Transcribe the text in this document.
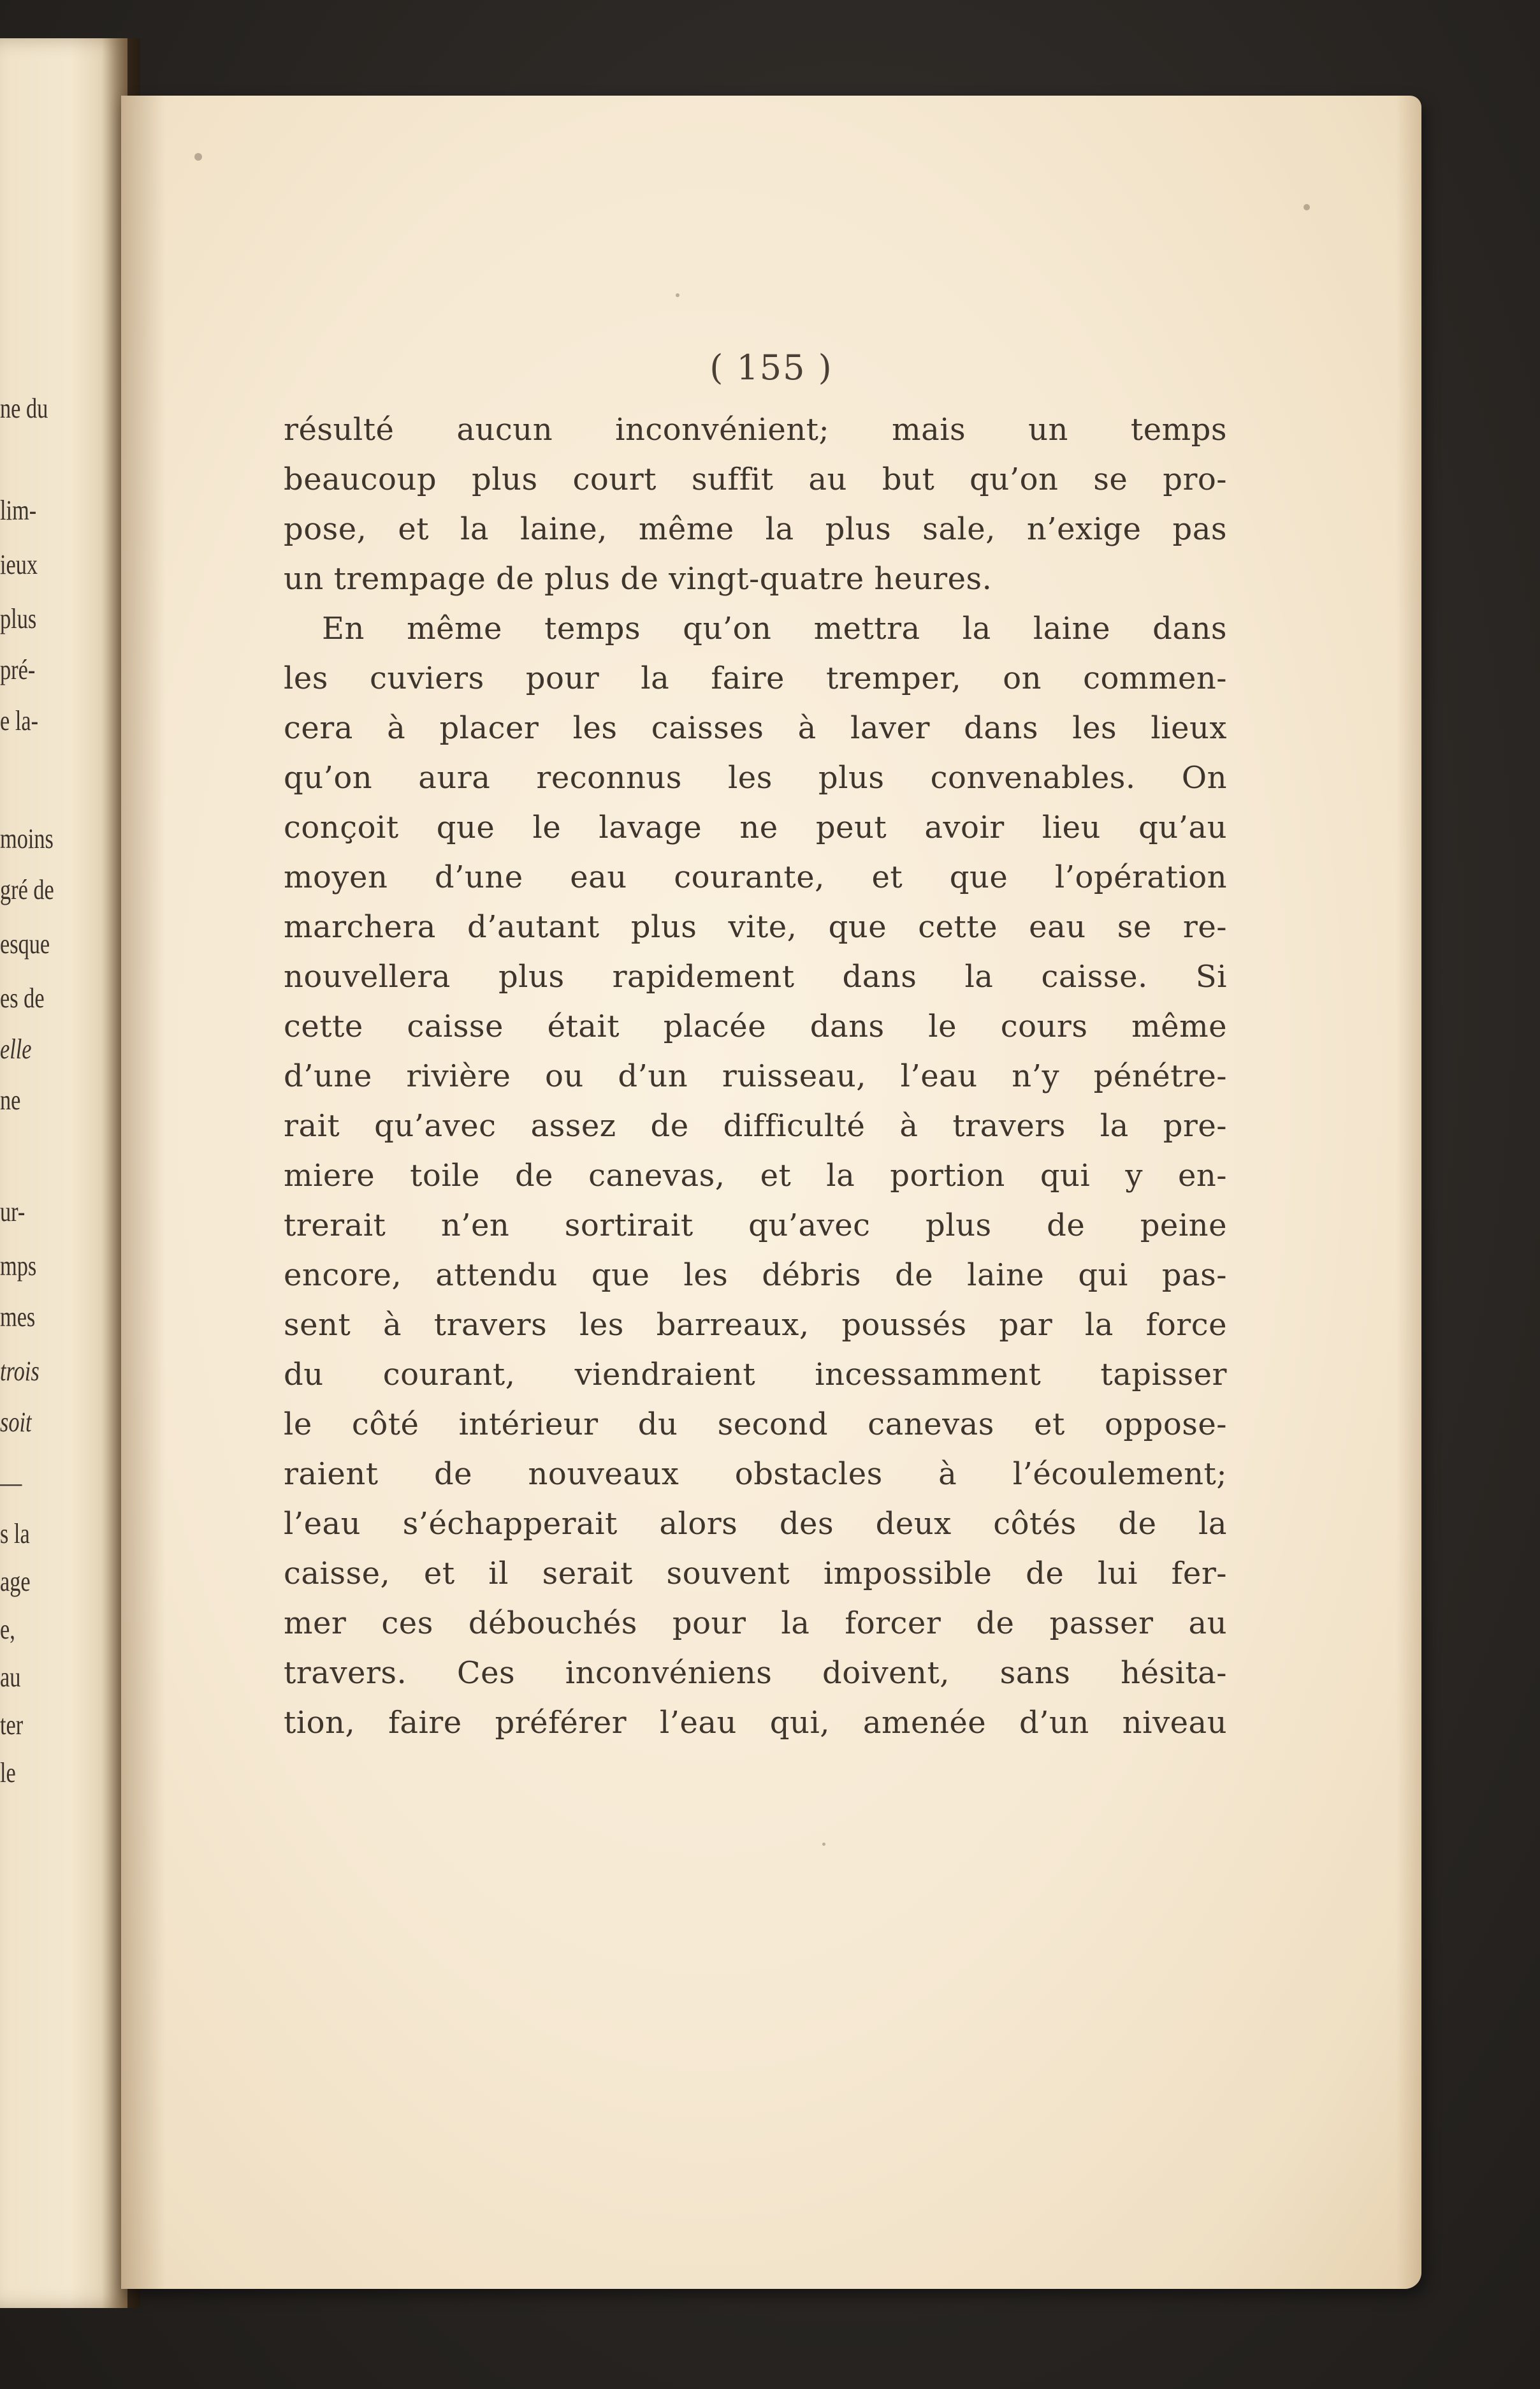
ne du
lim-
ieux
plus
pré-
e la-
moins
gré de
esque
es de
elle
ne
ur-
mps
mes
trois
soit
—
s la
age
e,
au
ter
le
( 155 )
résulté aucun inconvénient; mais un temps
beaucoup plus court suffit au but qu’on se pro-
pose, et la laine, même la plus sale, n’exige pas
un trempage de plus de vingt-quatre heures.
En même temps qu’on mettra la laine dans
les cuviers pour la faire tremper, on commen-
cera à placer les caisses à laver dans les lieux
qu’on aura reconnus les plus convenables. On
conçoit que le lavage ne peut avoir lieu qu’au
moyen d’une eau courante, et que l’opération
marchera d’autant plus vite, que cette eau se re-
nouvellera plus rapidement dans la caisse. Si
cette caisse était placée dans le cours même
d’une rivière ou d’un ruisseau, l’eau n’y pénétre-
rait qu’avec assez de difficulté à travers la pre-
miere toile de canevas, et la portion qui y en-
trerait n’en sortirait qu’avec plus de peine
encore, attendu que les débris de laine qui pas-
sent à travers les barreaux, poussés par la force
du courant, viendraient incessamment tapisser
le côté intérieur du second canevas et oppose-
raient de nouveaux obstacles à l’écoulement;
l’eau s’échapperait alors des deux côtés de la
caisse, et il serait souvent impossible de lui fer-
mer ces débouchés pour la forcer de passer au
travers. Ces inconvéniens doivent, sans hésita-
tion, faire préférer l’eau qui, amenée d’un niveau
